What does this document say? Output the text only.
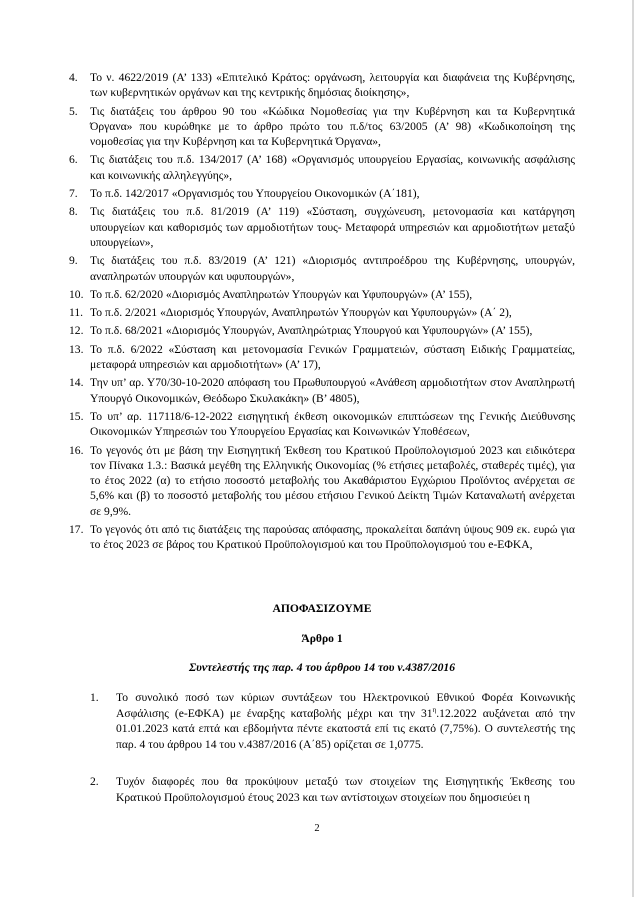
4. Το ν. 4622/2019 (Α’ 133) «Επιτελικό Κράτος: οργάνωση, λειτουργία και διαφάνεια της Κυβέρνησης, των κυβερνητικών οργάνων και της κεντρικής δημόσιας διοίκησης»,
5. Τις διατάξεις του άρθρου 90 του «Κώδικα Νομοθεσίας για την Κυβέρνηση και τα Κυβερνητικά Όργανα» που κυρώθηκε με το άρθρο πρώτο του π.δ/τος 63/2005 (Α’ 98) «Κωδικοποίηση της νομοθεσίας για την Κυβέρνηση και τα Κυβερνητικά Όργανα»,
6. Τις διατάξεις του π.δ. 134/2017 (Α’ 168) «Οργανισμός υπουργείου Εργασίας, κοινωνικής ασφάλισης και κοινωνικής αλληλεγγύης»,
7. Το π.δ. 142/2017 «Οργανισμός του Υπουργείου Οικονομικών (Α΄181),
8. Τις διατάξεις του π.δ. 81/2019 (Α’ 119) «Σύσταση, συγχώνευση, μετονομασία και κατάργηση υπουργείων και καθορισμός των αρμοδιοτήτων τους- Μεταφορά υπηρεσιών και αρμοδιοτήτων μεταξύ υπουργείων»,
9. Τις διατάξεις του π.δ. 83/2019 (Α’ 121) «Διορισμός αντιπροέδρου της Κυβέρνησης, υπουργών, αναπληρωτών υπουργών και υφυπουργών»,
10. Το π.δ. 62/2020 «Διορισμός Αναπληρωτών Υπουργών και Υφυπουργών» (Α’ 155),
11. Το π.δ. 2/2021 «Διορισμός Υπουργών, Αναπληρωτών Υπουργών και Υφυπουργών» (Α΄ 2),
12. Το π.δ. 68/2021 «Διορισμός Υπουργών, Αναπληρώτριας Υπουργού και Υφυπουργών» (Α’ 155),
13. Το π.δ. 6/2022 «Σύσταση και μετονομασία Γενικών Γραμματειών, σύσταση Ειδικής Γραμματείας, μεταφορά υπηρεσιών και αρμοδιοτήτων» (Α’ 17),
14. Την υπ’ αρ. Υ70/30-10-2020 απόφαση του Πρωθυπουργού «Ανάθεση αρμοδιοτήτων στον Αναπληρωτή Υπουργό Οικονομικών, Θεόδωρο Σκυλακάκη» (Β’ 4805),
15. Το υπ’ αρ. 117118/6-12-2022 εισηγητική έκθεση οικονομικών επιπτώσεων της Γενικής Διεύθυνσης Οικονομικών Υπηρεσιών του Υπουργείου Εργασίας και Κοινωνικών Υποθέσεων,
16. Το γεγονός ότι με βάση την Εισηγητική Έκθεση του Κρατικού Προϋπολογισμού 2023 και ειδικότερα τον Πίνακα 1.3.: Βασικά μεγέθη της Ελληνικής Οικονομίας (% ετήσιες μεταβολές, σταθερές τιμές), για το έτος 2022 (α) το ετήσιο ποσοστό μεταβολής του Ακαθάριστου Εγχώριου Προϊόντος ανέρχεται σε 5,6% και (β) το ποσοστό μεταβολής του μέσου ετήσιου Γενικού Δείκτη Τιμών Καταναλωτή ανέρχεται σε 9,9%.
17. Το γεγονός ότι από τις διατάξεις της παρούσας απόφασης, προκαλείται δαπάνη ύψους 909 εκ. ευρώ για το έτος 2023 σε βάρος του Κρατικού Προϋπολογισμού και του Προϋπολογισμού του e-ΕΦΚΑ,

ΑΠΟΦΑΣΙΖΟΥΜΕ

Άρθρο 1

Συντελεστής της παρ. 4 του άρθρου 14 του ν.4387/2016

1. Το συνολικό ποσό των κύριων συντάξεων του Ηλεκτρονικού Εθνικού Φορέα Κοινωνικής Ασφάλισης (e-ΕΦΚΑ) με έναρξης καταβολής μέχρι και την $31^\eta.12.2022$ αυξάνεται από την 01.01.2023 κατά επτά και εβδομήντα πέντε εκατοστά επί τις εκατό (7,75%). Ο συντελεστής της παρ. 4 του άρθρου 14 του ν.4387/2016 (Α΄85) ορίζεται σε 1,0775.
2. Τυχόν διαφορές που θα προκύψουν μεταξύ των στοιχείων της Εισηγητικής Έκθεσης του Κρατικού Προϋπολογισμού έτους 2023 και των αντίστοιχων στοιχείων που δημοσιεύει η
2
